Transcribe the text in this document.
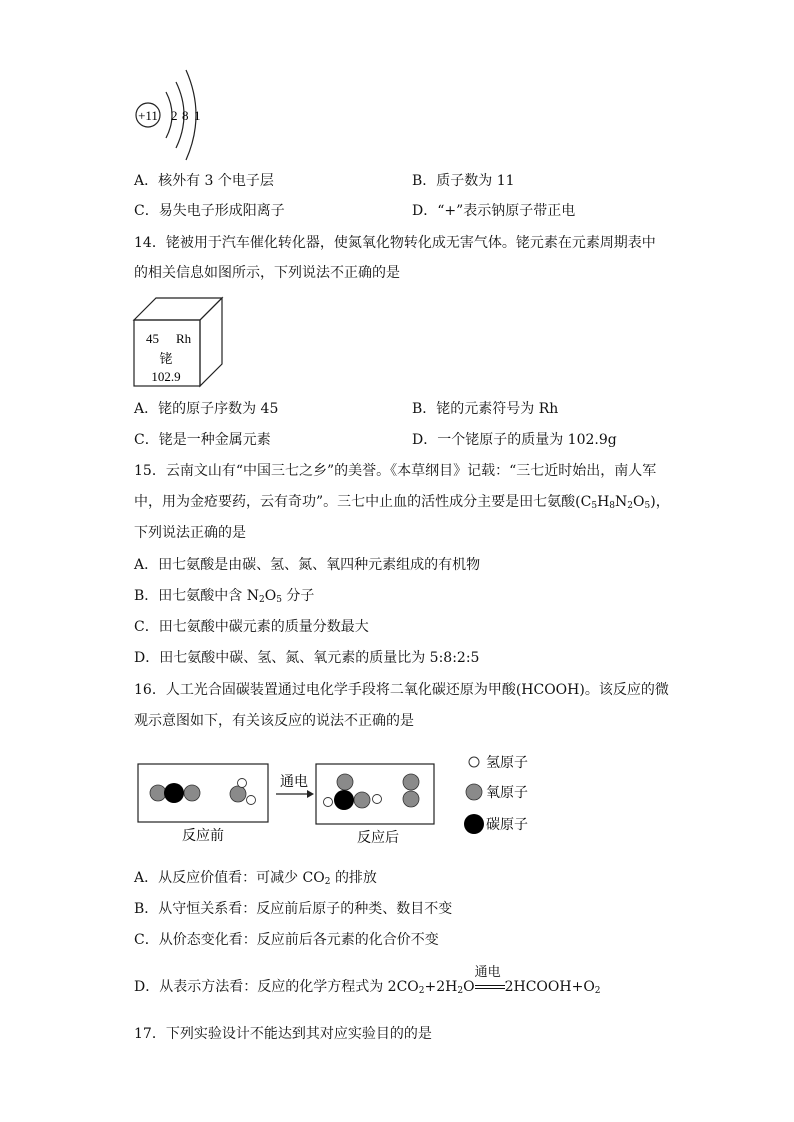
+11 2 8 1
A．核外有 3 个电子层	B．质子数为 11
C．易失电子形成阳离子	D．“+”表示钠原子带正电
14．铑被用于汽车催化转化器，使氮氧化物转化成无害气体。铑元素在元素周期表中
的相关信息如图所示，下列说法不正确的是
45 Rh
铑
102.9
A．铑的原子序数为 45	B．铑的元素符号为 Rh
C．铑是一种金属元素	D．一个铑原子的质量为 102.9g
15．云南文山有“中国三七之乡”的美誉。《本草纲目》记载：“三七近时始出，南人军
中，用为金疮要药，云有奇功”。三七中止血的活性成分主要是田七氨酸$(C_5H_8N_2O_5)$，
下列说法正确的是
A．田七氨酸是由碳、氢、氮、氧四种元素组成的有机物
B．田七氨酸中含 $N_2O_5$ 分子
C．田七氨酸中碳元素的质量分数最大
D．田七氨酸中碳、氢、氮、氧元素的质量比为 5:8:2:5
16．人工光合固碳装置通过电化学手段将二氧化碳还原为甲酸(HCOOH)。该反应的微
观示意图如下，有关该反应的说法不正确的是
反应前
通电
反应后
氢原子
氧原子
碳原子
A．从反应价值看：可减少 $CO_2$ 的排放
B．从守恒关系看：反应前后原子的种类、数目不变
C．从价态变化看：反应前后各元素的化合价不变
D．从表示方法看：反应的化学方程式为 $2CO_2+2H_2O$
通电
$2HCOOH+O_2$
17．下列实验设计不能达到其对应实验目的的是
